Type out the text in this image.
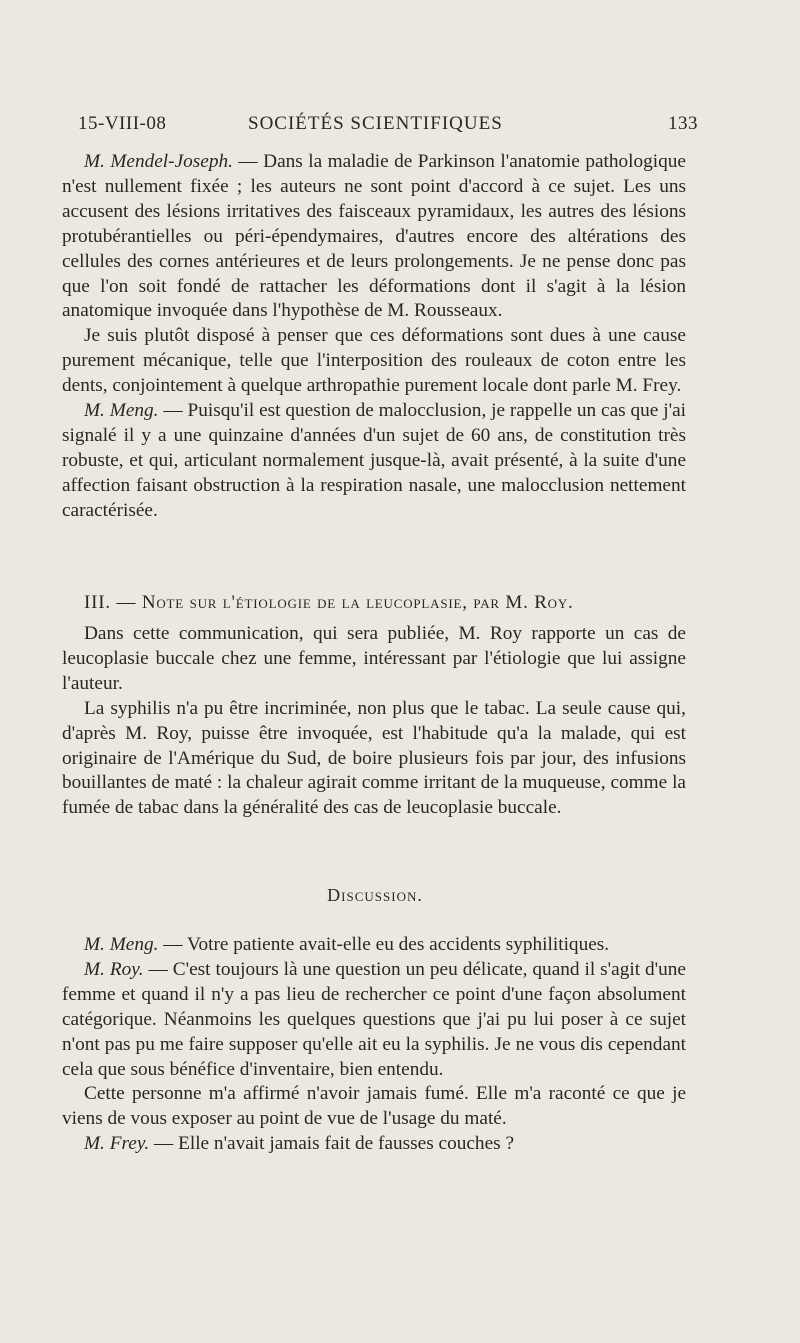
15-VIII-08	SOCIÉTÉS SCIENTIFIQUES	133

M. Mendel-Joseph. — Dans la maladie de Parkinson l'anatomie pathologique n'est nullement fixée ; les auteurs ne sont point d'accord à ce sujet. Les uns accusent des lésions irritatives des faisceaux pyramidaux, les autres des lésions protubérantielles ou péri-épendymaires, d'autres encore des altérations des cellules des cornes antérieures et de leurs prolongements. Je ne pense donc pas que l'on soit fondé de rattacher les déformations dont il s'agit à la lésion anatomique invoquée dans l'hypothèse de M. Rousseaux.

Je suis plutôt disposé à penser que ces déformations sont dues à une cause purement mécanique, telle que l'interposition des rouleaux de coton entre les dents, conjointement à quelque arthropathie purement locale dont parle M. Frey.

M. Meng. — Puisqu'il est question de malocclusion, je rappelle un cas que j'ai signalé il y a une quinzaine d'années d'un sujet de 60 ans, de constitution très robuste, et qui, articulant normalement jusque-là, avait présenté, à la suite d'une affection faisant obstruction à la respiration nasale, une malocclusion nettement caractérisée.

III. — Note sur l'étiologie de la leucoplasie, par M. Roy.

Dans cette communication, qui sera publiée, M. Roy rapporte un cas de leucoplasie buccale chez une femme, intéressant par l'étiologie que lui assigne l'auteur.

La syphilis n'a pu être incriminée, non plus que le tabac. La seule cause qui, d'après M. Roy, puisse être invoquée, est l'habitude qu'a la malade, qui est originaire de l'Amérique du Sud, de boire plusieurs fois par jour, des infusions bouillantes de maté : la chaleur agirait comme irritant de la muqueuse, comme la fumée de tabac dans la généralité des cas de leucoplasie buccale.

Discussion.

M. Meng. — Votre patiente avait-elle eu des accidents syphilitiques.

M. Roy. — C'est toujours là une question un peu délicate, quand il s'agit d'une femme et quand il n'y a pas lieu de rechercher ce point d'une façon absolument catégorique. Néanmoins les quelques questions que j'ai pu lui poser à ce sujet n'ont pas pu me faire supposer qu'elle ait eu la syphilis. Je ne vous dis cependant cela que sous bénéfice d'inventaire, bien entendu.

Cette personne m'a affirmé n'avoir jamais fumé. Elle m'a raconté ce que je viens de vous exposer au point de vue de l'usage du maté.

M. Frey. — Elle n'avait jamais fait de fausses couches ?
